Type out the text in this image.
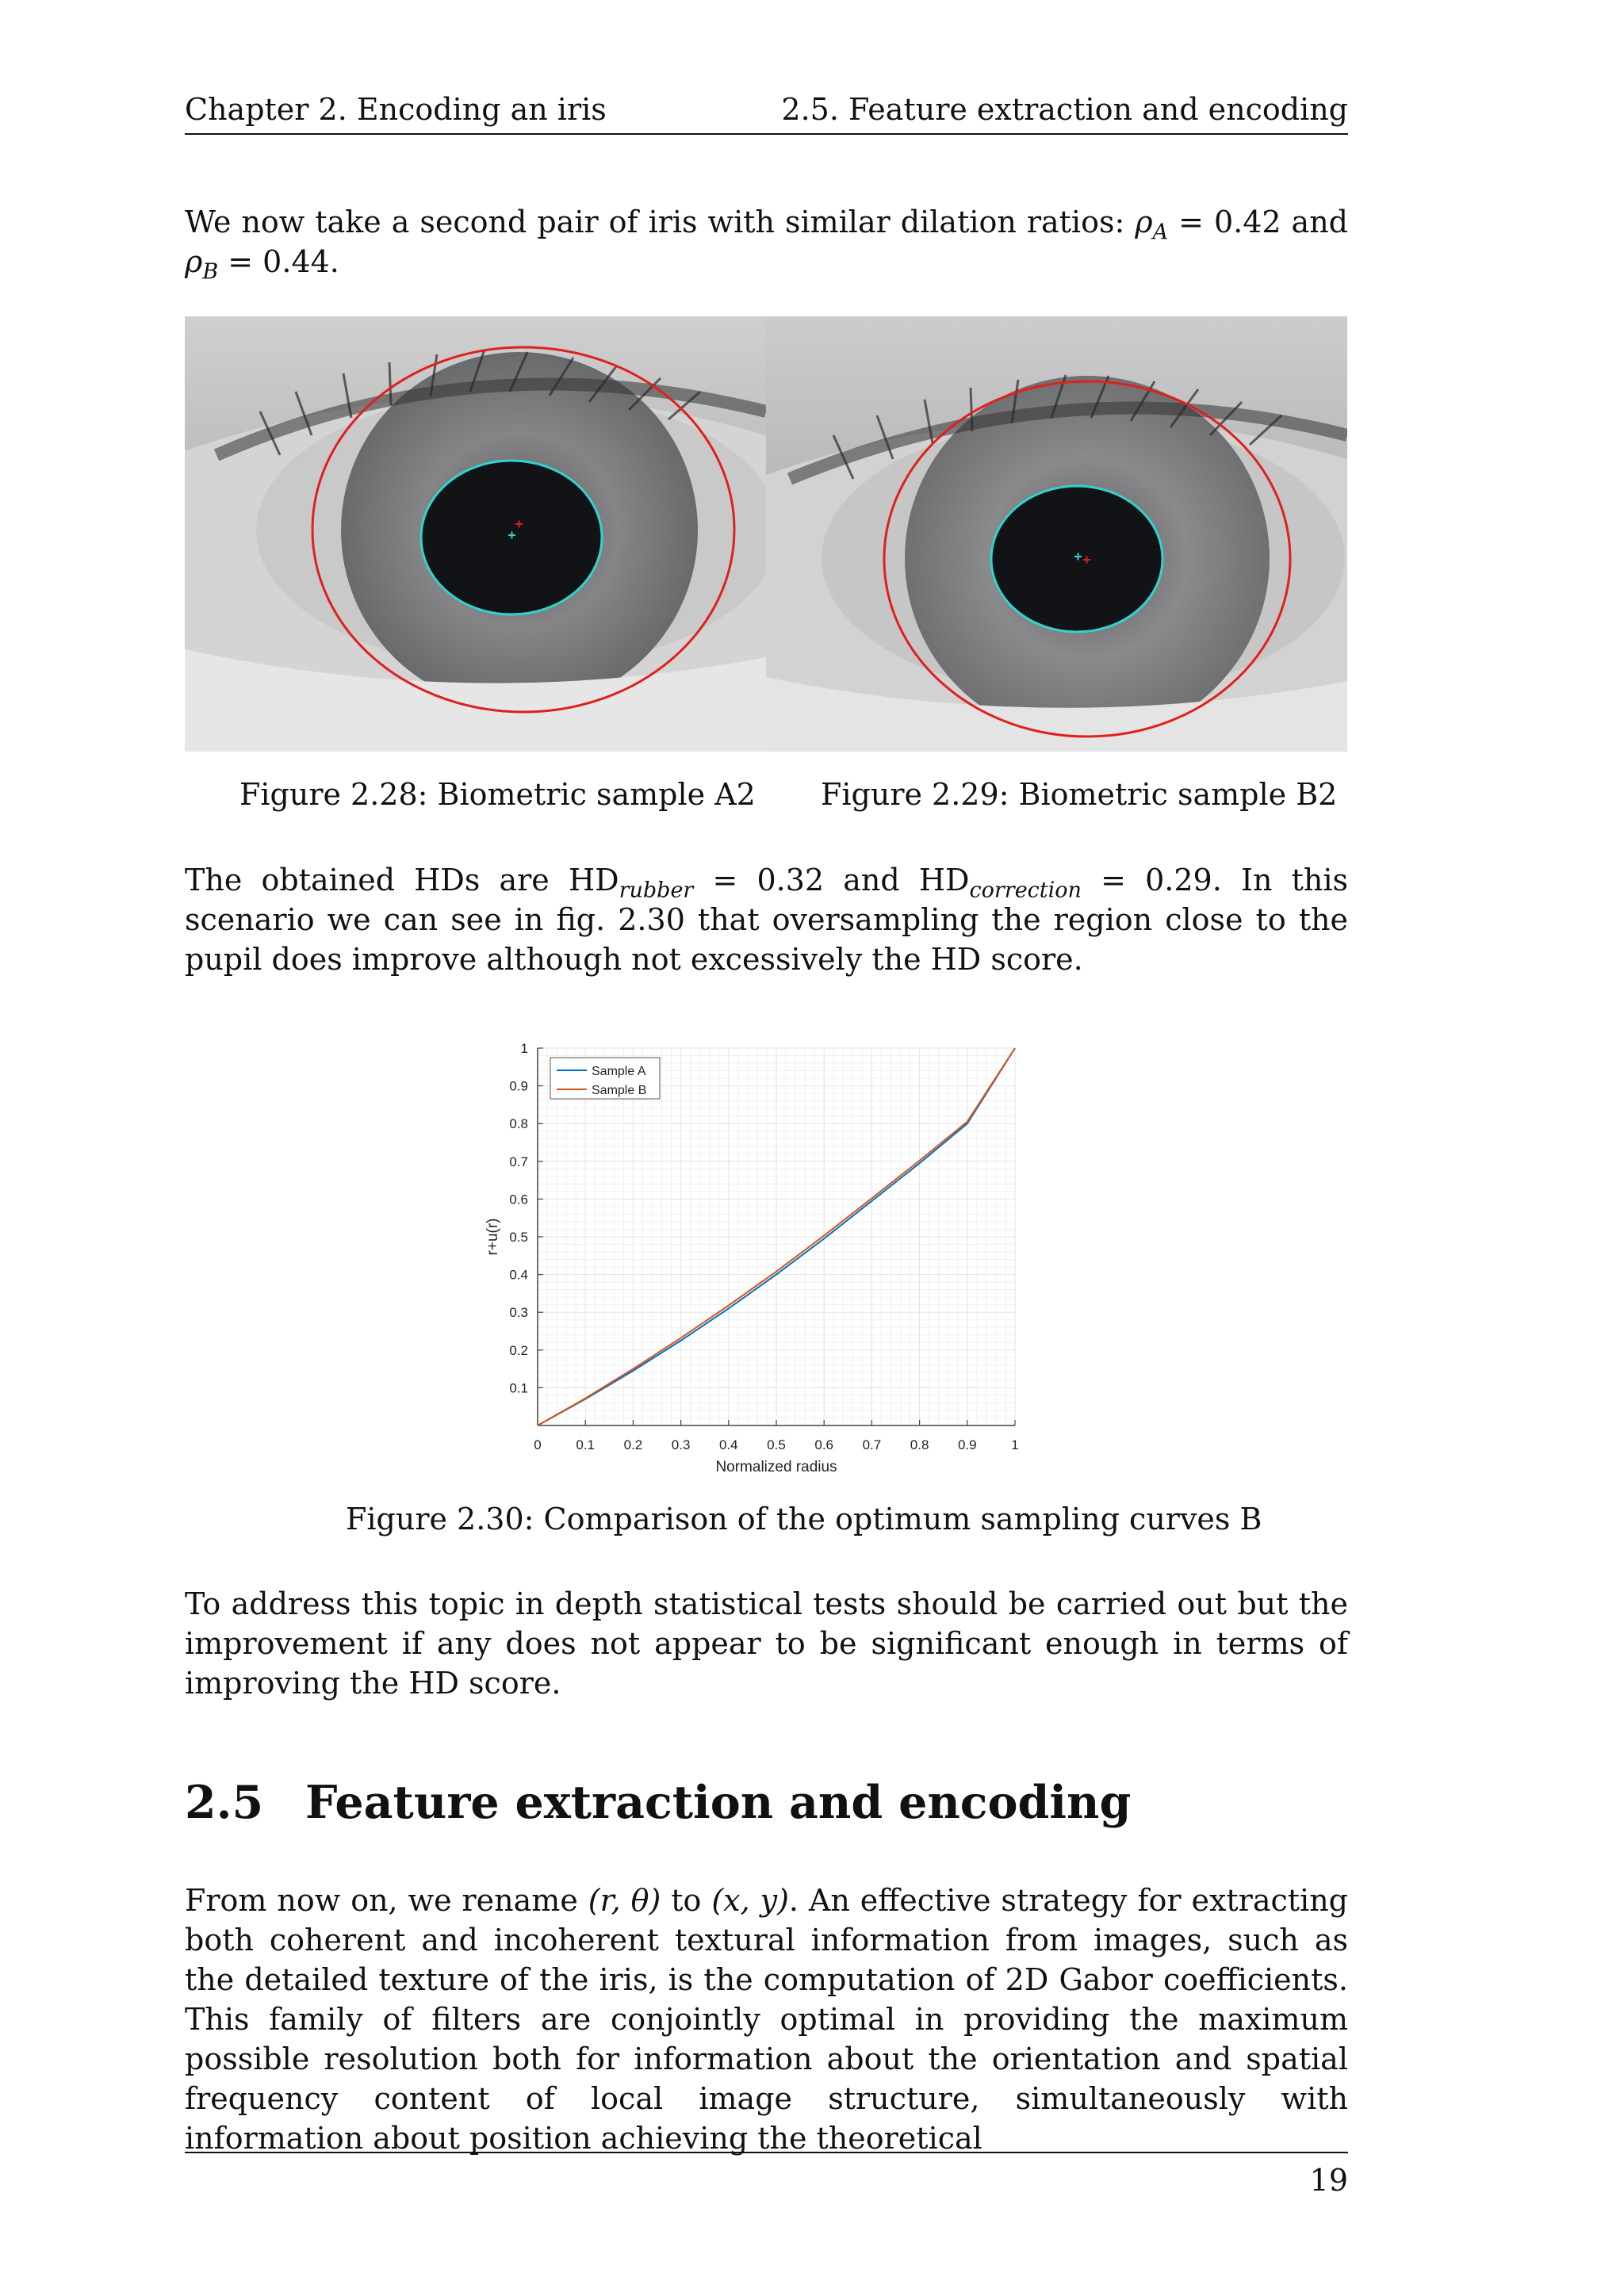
Chapter 2. Encoding an iris	2.5. Feature extraction and encoding

We now take a second pair of iris with similar dilation ratios: $\rho_A = 0.42$ and $\rho_B = 0.44$.

Figure 2.28: Biometric sample A2 Figure 2.29: Biometric sample B2

The obtained HDs are $HD_{rubber} = 0.32$ and $HD_{correction} = 0.29$. In this scenario we can see in fig. 2.30 that oversampling the region close to the pupil does improve although not excessively the HD score.

0	0.1 0.2 0.3 0.4 0.5 0.6 0.7 0.8 0.9	1
0.1
0.2
0.3
0.4
0.5
0.6
0.7
0.8
0.9
1
Normalized radius
r+u(r)
Sample A
Sample B
Figure 2.30: Comparison of the optimum sampling curves B

To address this topic in depth statistical tests should be carried out but the improvement if any does not appear to be significant enough in terms of improving the HD score.

2.5 Feature extraction and encoding

From now on, we rename (r, θ) to (x, y). An effective strategy for extracting both coherent and incoherent textural information from images, such as the detailed texture of the iris, is the computation of 2D Gabor coefficients. This family of filters are conjointly optimal in providing the maximum possible resolution both for information about the orientation and spatial frequency content of local image structure, simultaneously with information about position achieving the theoretical

19
